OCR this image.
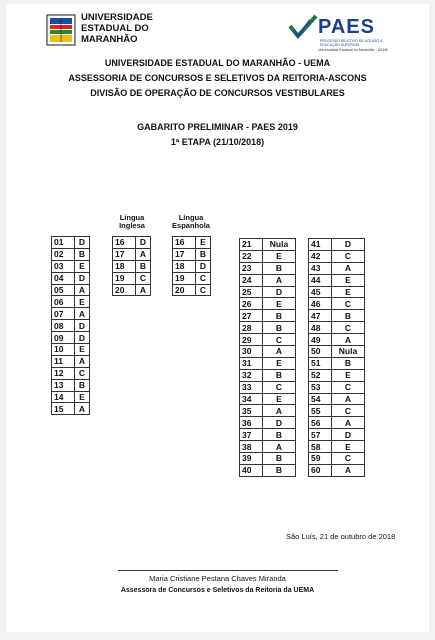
UNIVERSIDADE
ESTADUAL DO
MARANHÃO
PAES
PROCESSO SELETIVO DE ACESSO À
EDUCAÇÃO SUPERIOR
Universidade Estadual do Maranhão - UEMA
UNIVERSIDADE ESTADUAL DO MARANHÃO - UEMA
ASSESSORIA DE CONCURSOS E SELETIVOS DA REITORIA-ASCONS
DIVISÃO DE OPERAÇÃO DE CONCURSOS VESTIBULARES
GABARITO PRELIMINAR - PAES 2019
1ª ETAPA (21/10/2018)
Língua
Inglesa
Língua
Espanhola
01	D
02	B
03	E
04	D
05	A
06	E
07	A
08	D
09	D
10	E
11	A
12	C
13	B
14	E
15	A
16	D
17	A
18	B
19	C
20	A
16	E
17	B
18	D
19	C
20	C
21	Nula
22	E
23	B
24	A
25	D
26	E
27	B
28	B
29	C
30	A
31	E
32	B
33	C
34	E
35	A
36	D
37	B
38	A
39	B
40	B
41	D
42	C
43	A
44	E
45	E
46	C
47	B
48	C
49	A
50	Nula
51	B
52	E
53	C
54	A
55	C
56	A
57	D
58	E
59	C
60	A
São Luís, 21 de outubro de 2018
Maria Cristiane Pestana Chaves Miranda
Assessora de Concursos e Seletivos da Reitoria da UEMA
